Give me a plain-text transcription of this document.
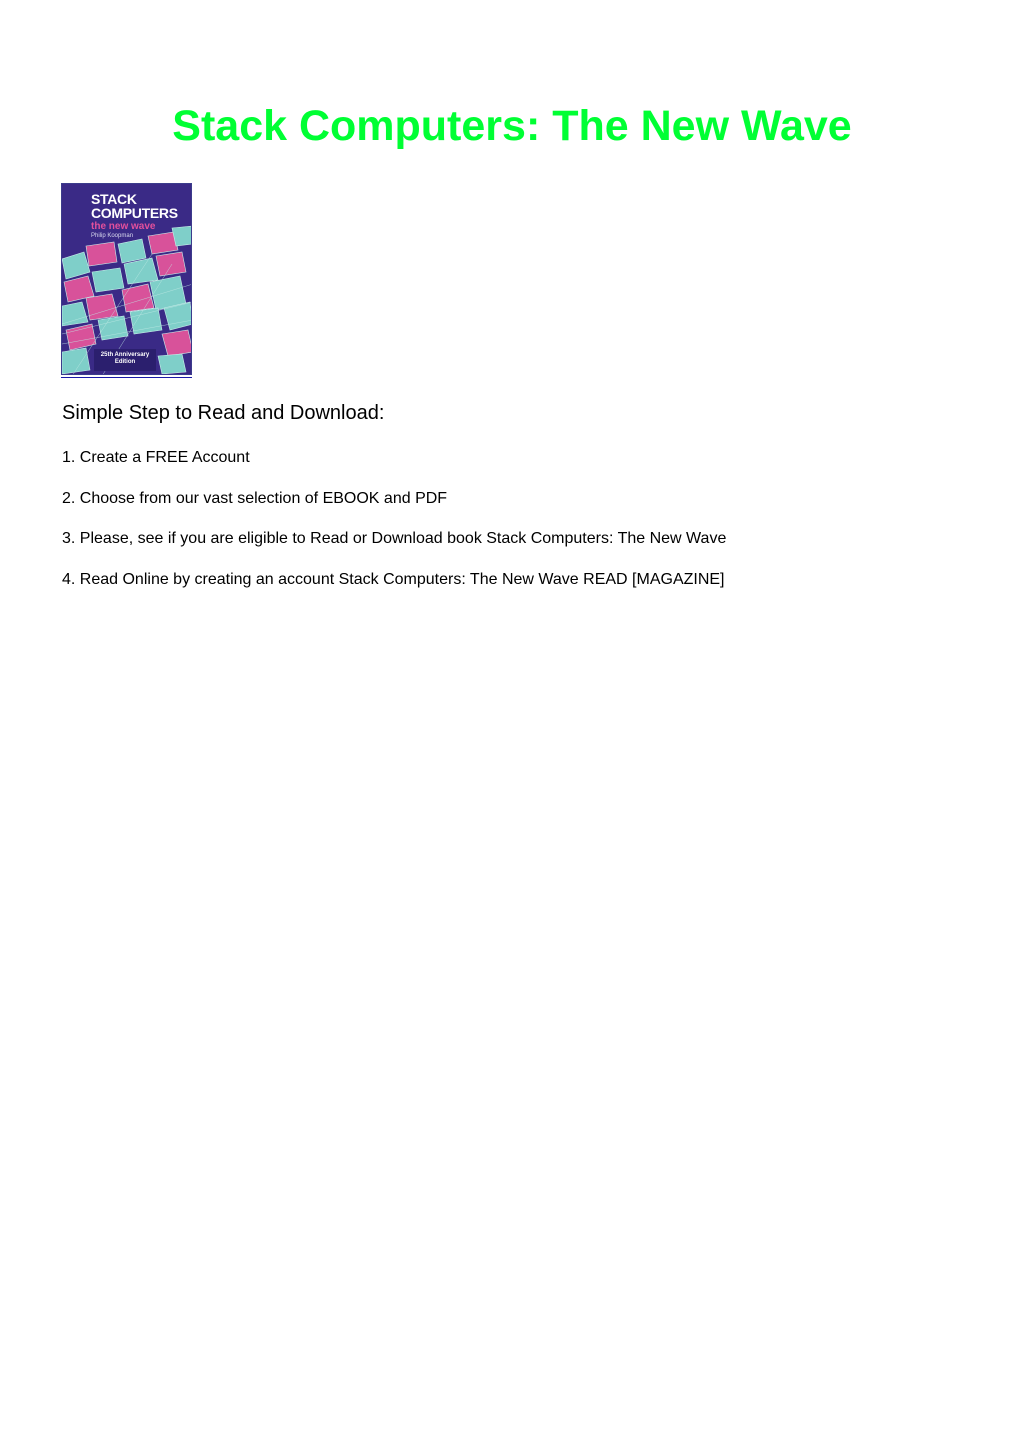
Stack Computers: The New Wave
STACK
COMPUTERS
the new wave
Philip Koopman
25th Anniversary Edition
Simple Step to Read and Download:
1. Create a FREE Account
2. Choose from our vast selection of EBOOK and PDF
3. Please, see if you are eligible to Read or Download book Stack Computers: The New Wave
4. Read Online by creating an account Stack Computers: The New Wave READ [MAGAZINE]
